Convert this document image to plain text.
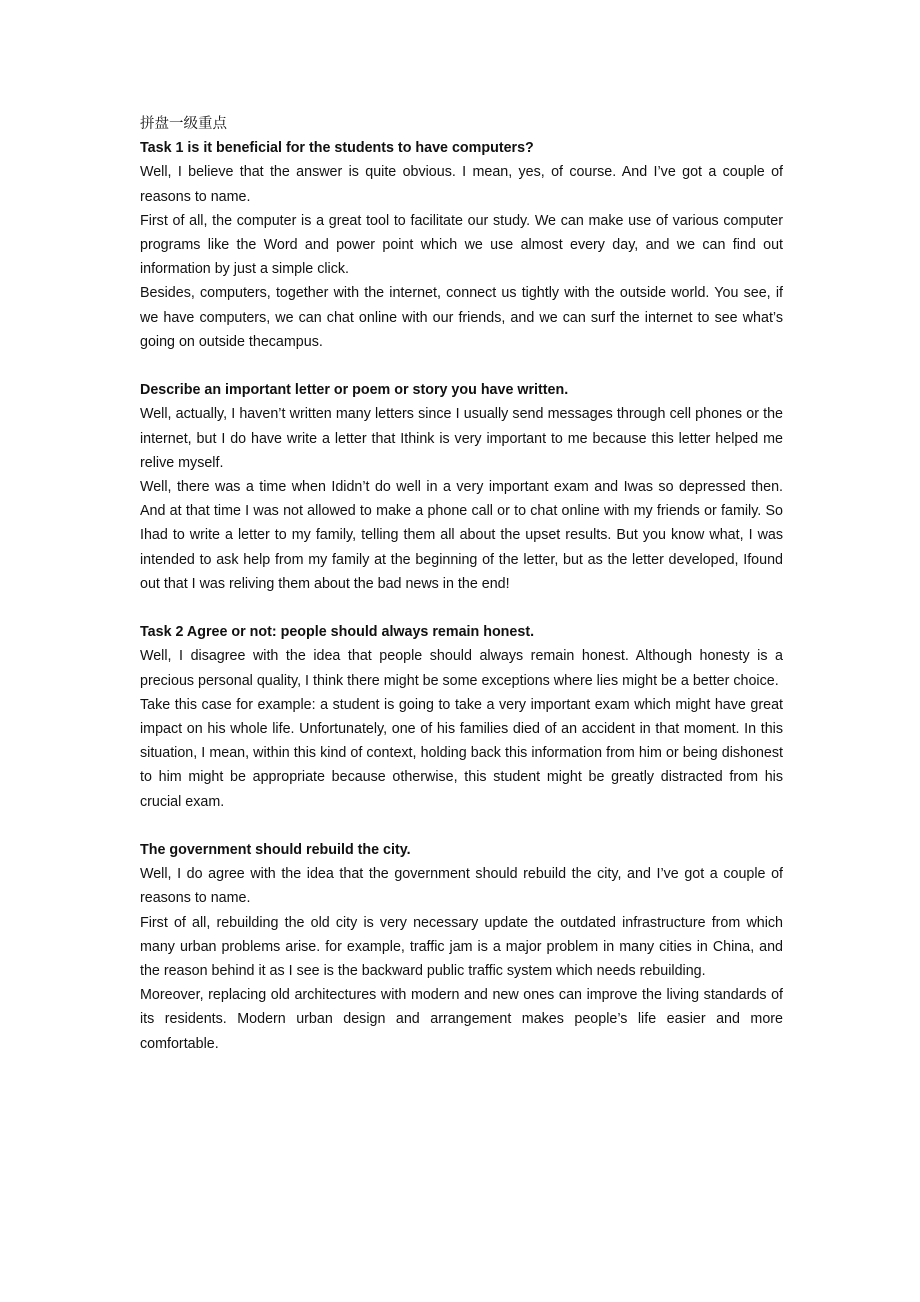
拼盘一级重点

Task 1 is it beneficial for the students to have computers?

Well, I believe that the answer is quite obvious. I mean, yes, of course. And I’ve got a couple of reasons to name.

First of all, the computer is a great tool to facilitate our study. We can make use of various computer programs like the Word and power point which we use almost every day, and we can find out information by just a simple click.

Besides, computers, together with the internet, connect us tightly with the outside world. You see, if we have computers, we can chat online with our friends, and we can surf the internet to see what’s going on outside thecampus.

Describe an important letter or poem or story you have written.

Well, actually, I haven’t written many letters since I usually send messages through cell phones or the internet, but I do have write a letter that Ithink is very important to me because this letter helped me relive myself.

Well, there was a time when Ididn’t do well in a very important exam and Iwas so depressed then. And at that time I was not allowed to make a phone call or to chat online with my friends or family. So Ihad to write a letter to my family, telling them all about the upset results. But you know what, I was intended to ask help from my family at the beginning of the letter, but as the letter developed, Ifound out that I was reliving them about the bad news in the end!

Task 2 Agree or not: people should always remain honest.

Well, I disagree with the idea that people should always remain honest. Although honesty is a precious personal quality, I think there might be some exceptions where lies might be a better choice.

Take this case for example: a student is going to take a very important exam which might have great impact on his whole life. Unfortunately, one of his families died of an accident in that moment. In this situation, I mean, within this kind of context, holding back this information from him or being dishonest to him might be appropriate because otherwise, this student might be greatly distracted from his crucial exam.

The government should rebuild the city.

Well, I do agree with the idea that the government should rebuild the city, and I’ve got a couple of reasons to name.

First of all, rebuilding the old city is very necessary update the outdated infrastructure from which many urban problems arise. for example, traffic jam is a major problem in many cities in China, and the reason behind it as I see is the backward public traffic system which needs rebuilding.

Moreover, replacing old architectures with modern and new ones can improve the living standards of its residents. Modern urban design and arrangement makes people’s life easier and more comfortable.
